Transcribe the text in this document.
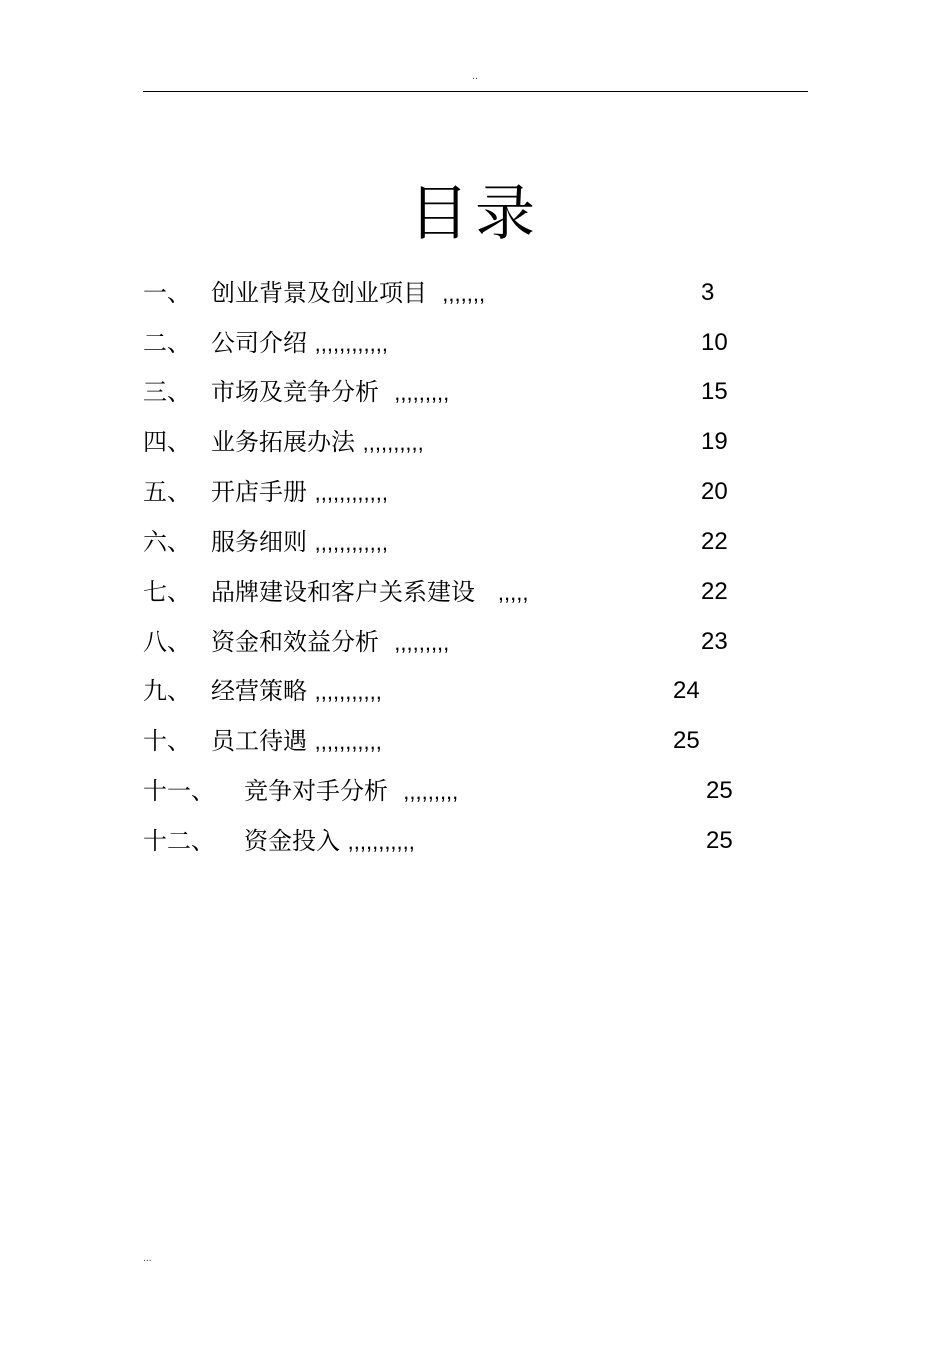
..
目录
一、 创业背景及创业项目 ,,,,,,,	3
二、 公司介绍 ,,,,,,,,,,,,	10
三、 市场及竞争分析 ,,,,,,,,,	15
四、 业务拓展办法 ,,,,,,,,,,	19
五、 开店手册 ,,,,,,,,,,,,	20
六、 服务细则 ,,,,,,,,,,,,	22
七、 品牌建设和客户关系建设 ,,,,,	22
八、 资金和效益分析 ,,,,,,,,,	23
九、 经营策略 ,,,,,,,,,,,	24
十、 员工待遇 ,,,,,,,,,,,	25
十一、 竞争对手分析 ,,,,,,,,,	25
十二、 资金投入 ,,,,,,,,,,,	25
...
